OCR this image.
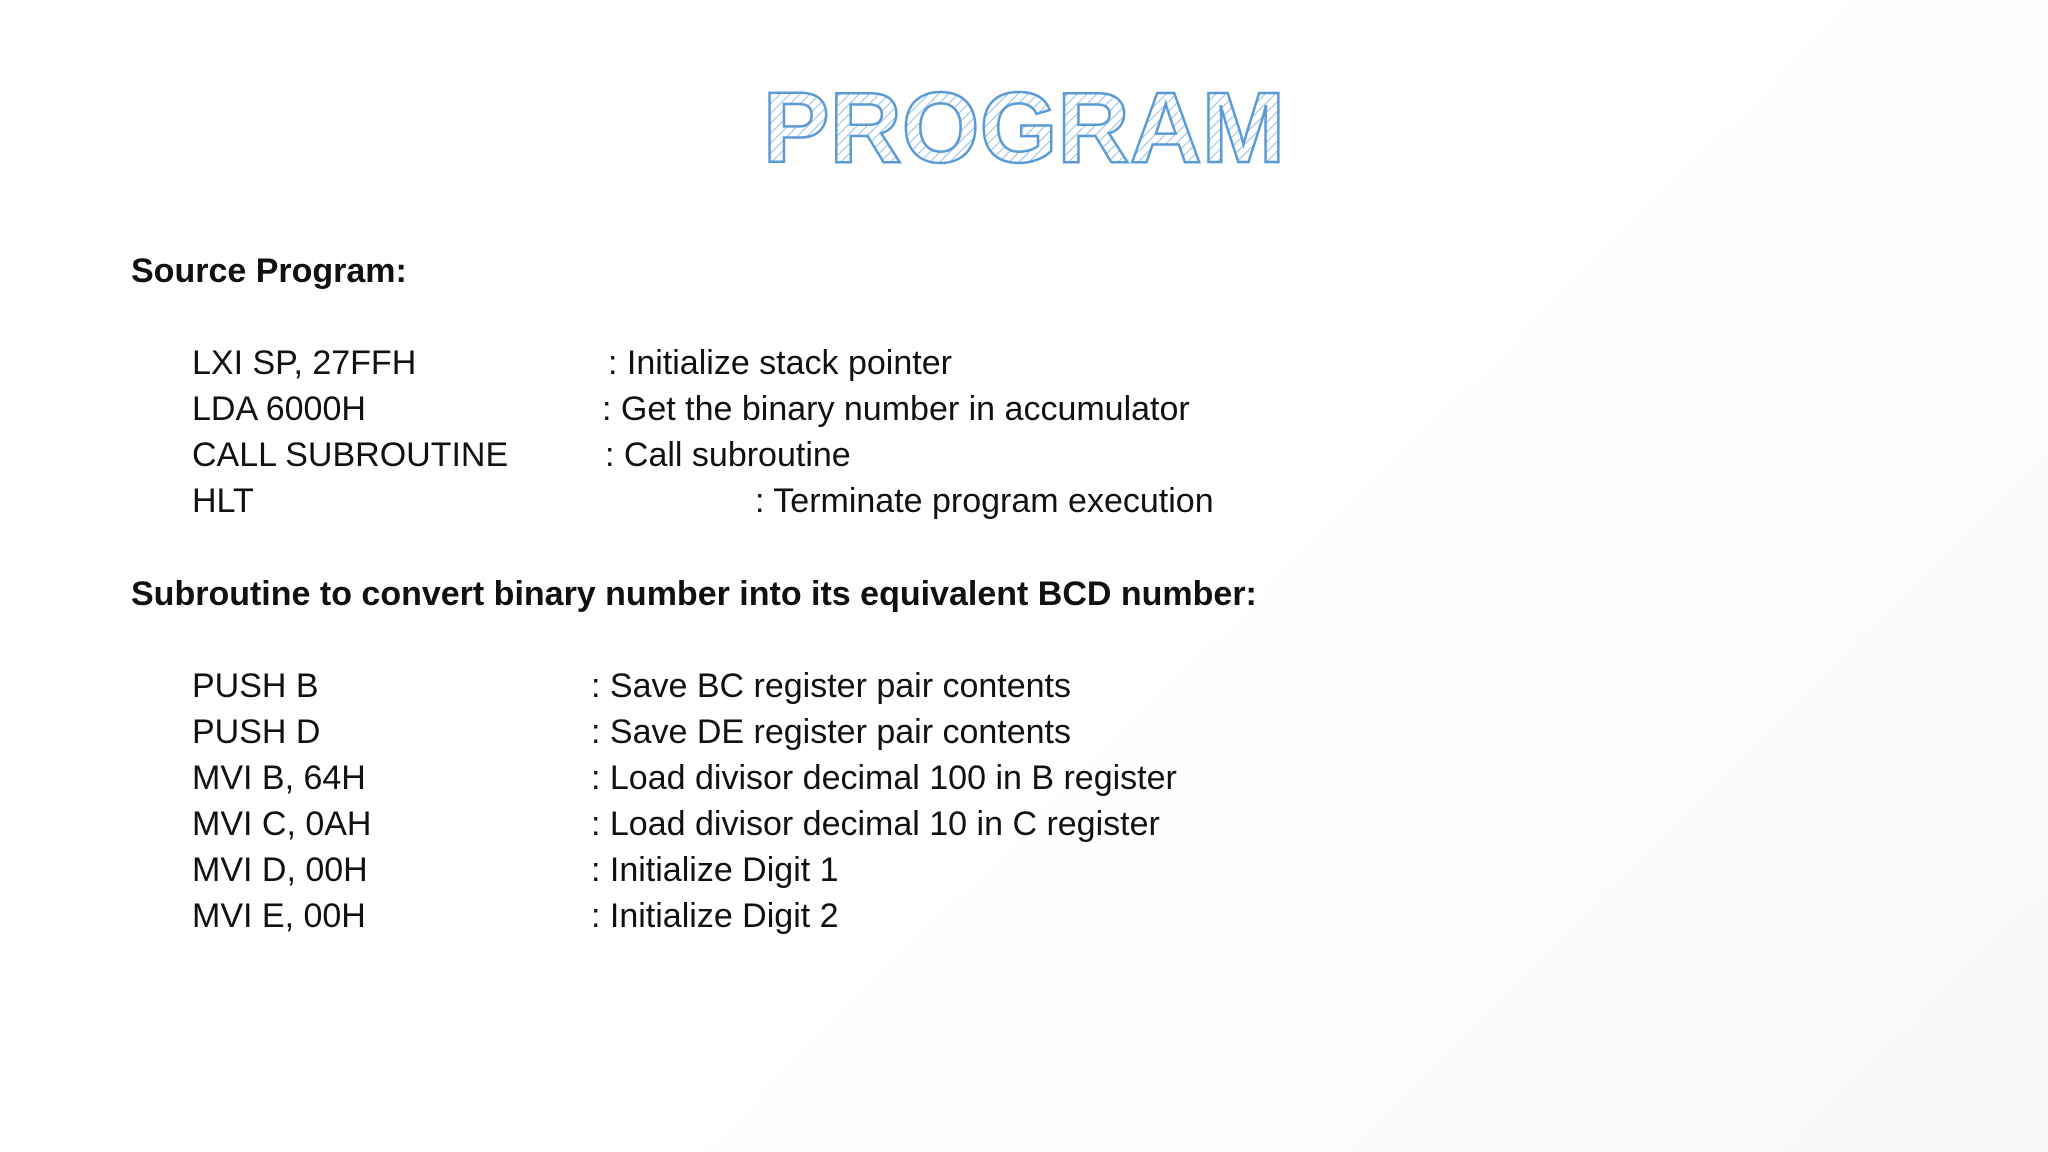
PROGRAM
Source Program:
LXI SP, 27FFH	: Initialize stack pointer
LDA 6000H	: Get the binary number in accumulator
CALL SUBROUTINE	: Call subroutine
HLT	: Terminate program execution
Subroutine to convert binary number into its equivalent BCD number:
PUSH B	: Save BC register pair contents
PUSH D	: Save DE register pair contents
MVI B, 64H	: Load divisor decimal 100 in B register
MVI C, 0AH	: Load divisor decimal 10 in C register
MVI D, 00H	: Initialize Digit 1
MVI E, 00H	: Initialize Digit 2
